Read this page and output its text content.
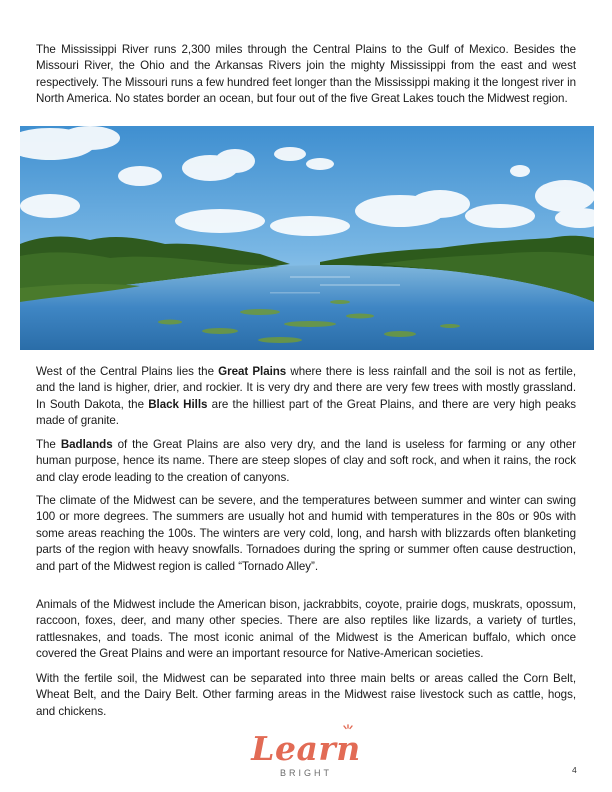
The Mississippi River runs 2,300 miles through the Central Plains to the Gulf of Mexico. Besides the Missouri River, the Ohio and the Arkansas Rivers join the mighty Mississippi from the east and west respectively. The Missouri runs a few hundred feet longer than the Mississippi making it the longest river in North America. No states border an ocean, but four out of the five Great Lakes touch the Midwest region.

West of the Central Plains lies the Great Plains where there is less rainfall and the soil is not as fertile, and the land is higher, drier, and rockier. It is very dry and there are very few trees with mostly grassland. In South Dakota, the Black Hills are the hilliest part of the Great Plains, and there are very high peaks made of granite.

The Badlands of the Great Plains are also very dry, and the land is useless for farming or any other human purpose, hence its name. There are steep slopes of clay and soft rock, and when it rains, the rock and clay erode leading to the creation of canyons.

The climate of the Midwest can be severe, and the temperatures between summer and winter can swing 100 or more degrees. The summers are usually hot and humid with temperatures in the 80s or 90s with some areas reaching the 100s. The winters are very cold, long, and harsh with blizzards often blanketing parts of the region with heavy snowfalls. Tornadoes during the spring or summer often cause destruction, and part of the Midwest region is called “Tornado Alley”.

Animals of the Midwest include the American bison, jackrabbits, coyote, prairie dogs, muskrats, opossum, raccoon, foxes, deer, and many other species. There are also reptiles like lizards, a variety of turtles, rattlesnakes, and toads. The most iconic animal of the Midwest is the American buffalo, which once covered the Great Plains and were an important resource for Native-American societies.

With the fertile soil, the Midwest can be separated into three main belts or areas called the Corn Belt, Wheat Belt, and the Dairy Belt. Other farming areas in the Midwest raise livestock such as cattle, hogs, and chickens.

Learn
BRIGHT	4
